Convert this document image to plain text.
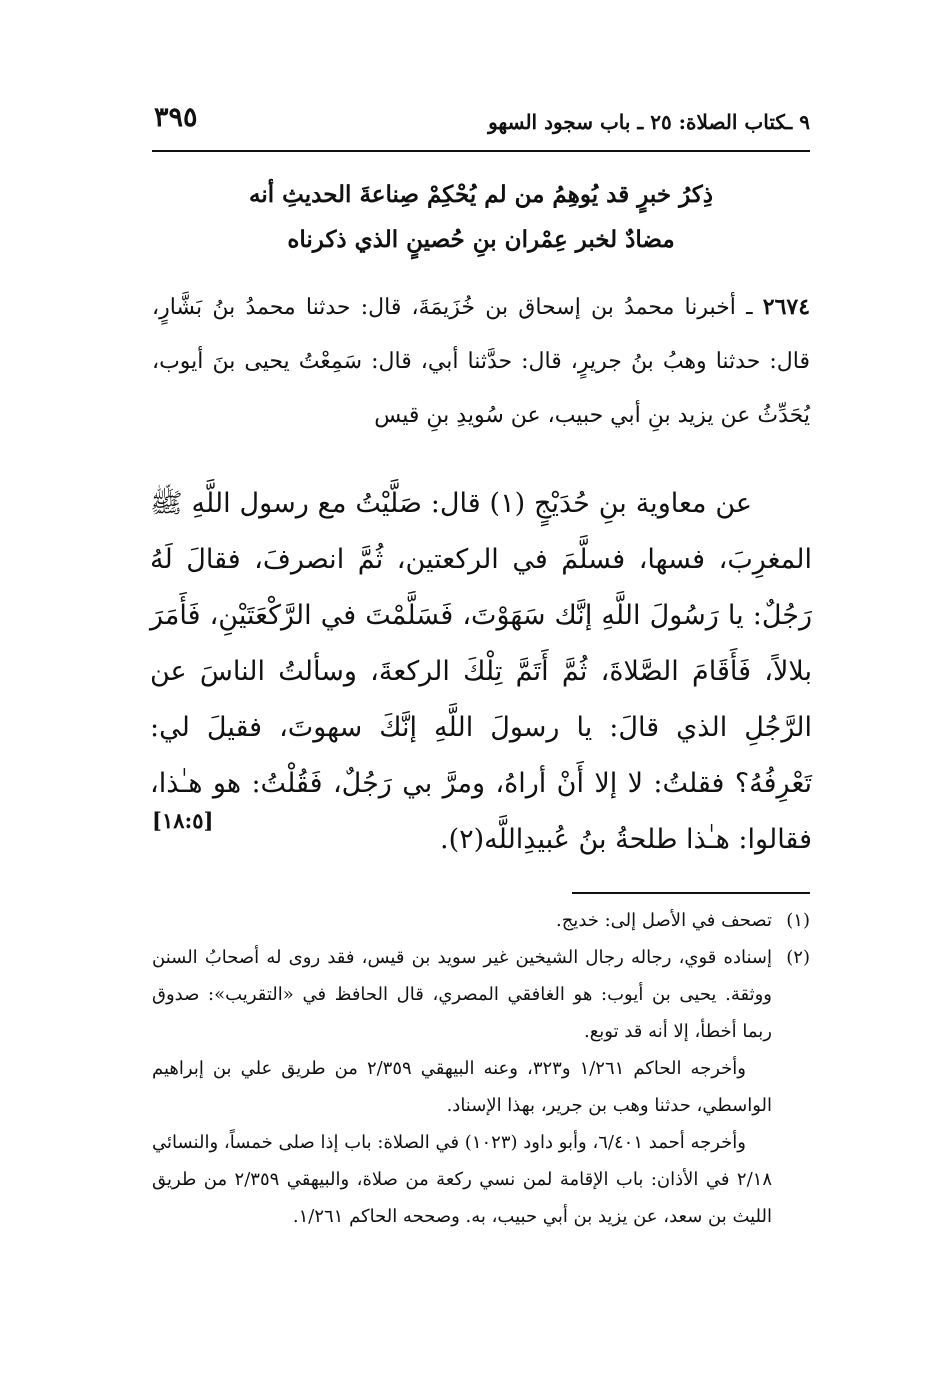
٩ ـكتاب الصلاة: ٢٥ ـ باب سجود السهو
٣٩٥
ذِكرُ خبرٍ قد يُوهِمُ من لم يُحْكِمْ صِناعةَ الحديثِ أنه
مضادٌ لخبر عِمْران بنِ حُصينٍ الذي ذكرناه
٢٦٧٤ ـ أخبرنا محمدُ بن إسحاق بن خُزَيمَةَ، قال: حدثنا محمدُ بنُ بَشَّارٍ، قال: حدثنا وهبُ بنُ جريرٍ، قال: حدَّثنا أبي، قال: سَمِعْتُ يحيى بنَ أيوب، يُحَدِّثُ عن يزيد بنِ أبي حبيب، عن سُويدِ بنِ قيس
عن معاوية بنِ حُدَيْجٍ (١) قال: صَلَّيْتُ مع رسول اللَّهِ ﷺ المغرِبَ، فسها، فسلَّمَ في الركعتين، ثُمَّ انصرفَ، فقالَ لَهُ رَجُلٌ: يا رَسُولَ اللَّهِ إنَّك سَهَوْتَ، فَسَلَّمْتَ في الرَّكْعَتَيْنِ، فَأَمَرَ بلالاً، فَأَقَامَ الصَّلاةَ، ثُمَّ أَتَمَّ تِلْكَ الركعةَ، وسألتُ الناسَ عن الرَّجُلِ الذي قالَ: يا رسولَ اللَّهِ إنَّكَ سهوتَ، فقيلَ لي: تَعْرِفُهُ؟ فقلتُ: لا إلا أَنْ أراهُ، ومرَّ بي رَجُلٌ، فَقُلْتُ: هو هـٰذا، فقالوا: هـٰذا طلحةُ بنُ عُبيدِاللَّه(٢).
[١٨:٥]
(١)

تصحف في الأصل إلى: خديج.

(٢)

إسناده قوي، رجاله رجال الشيخين غير سويد بن قيس، فقد روى له أصحابُ السنن ووثقة. يحيى بن أيوب: هو الغافقي المصري، قال الحافظ في «التقريب»: صدوق ربما أخطأ، إلا أنه قد توبع.

وأخرجه الحاكم ١/٢٦١ و٣٢٣، وعنه البيهقي ٢/٣٥٩ من طريق علي بن إبراهيم الواسطي، حدثنا وهب بن جرير، بهذا الإسناد.

وأخرجه أحمد ٦/٤٠١، وأبو داود (١٠٢٣) في الصلاة: باب إذا صلى خمساً، والنسائي ٢/١٨ في الأذان: باب الإقامة لمن نسي ركعة من صلاة، والبيهقي ٢/٣٥٩ من طريق الليث بن سعد، عن يزيد بن أبي حبيب، به. وصححه الحاكم ١/٢٦١.
